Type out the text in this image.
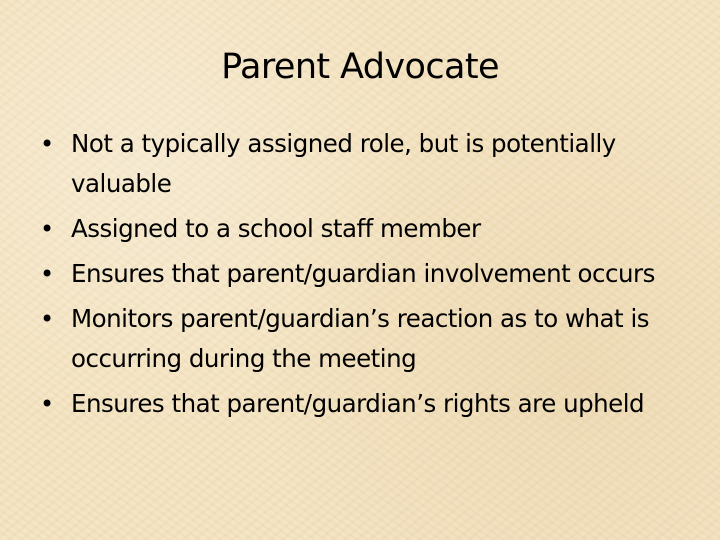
Parent Advocate
• Not a typically assigned role, but is potentially valuable
• Assigned to a school staff member
• Ensures that parent/guardian involvement occurs
• Monitors parent/guardian’s reaction as to what is occurring during the meeting
• Ensures that parent/guardian’s rights are upheld
